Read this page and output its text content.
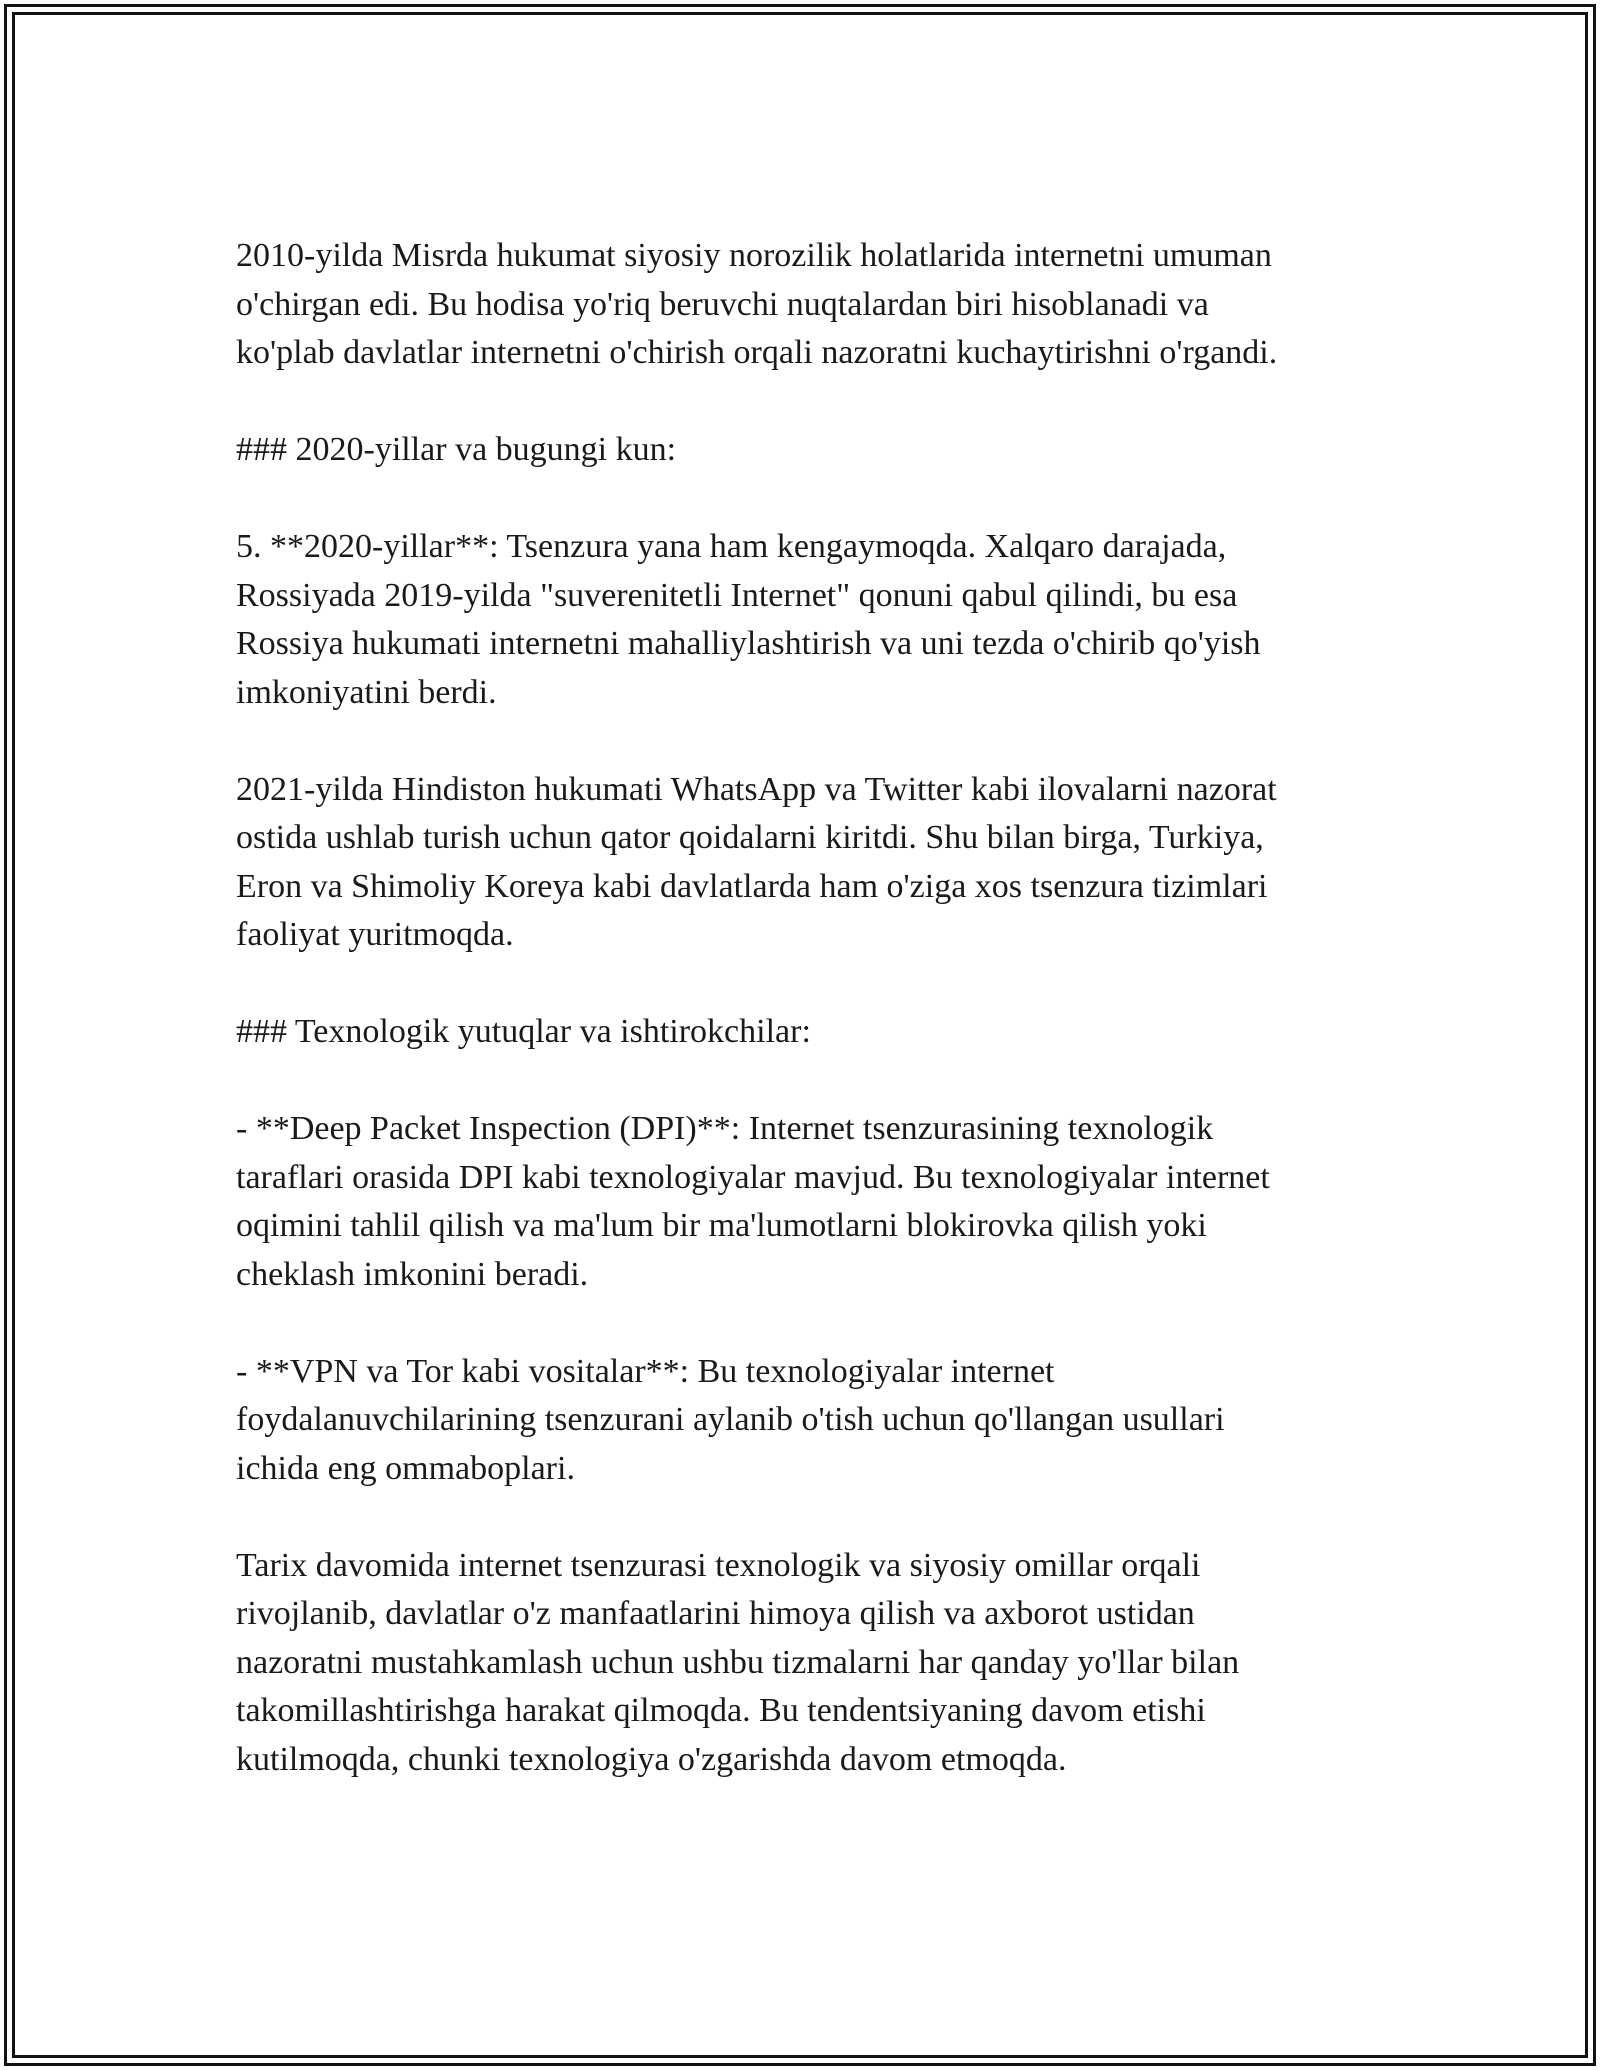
2010-yilda Misrda hukumat siyosiy norozilik holatlarida internetni umuman
o'chirgan edi. Bu hodisa yo'riq beruvchi nuqtalardan biri hisoblanadi va
ko'plab davlatlar internetni o'chirish orqali nazoratni kuchaytirishni o'rgandi.

### 2020-yillar va bugungi kun:

5. **2020-yillar**: Tsenzura yana ham kengaymoqda. Xalqaro darajada,
Rossiyada 2019-yilda "suverenitetli Internet" qonuni qabul qilindi, bu esa
Rossiya hukumati internetni mahalliylashtirish va uni tezda o'chirib qo'yish
imkoniyatini berdi.

2021-yilda Hindiston hukumati WhatsApp va Twitter kabi ilovalarni nazorat
ostida ushlab turish uchun qator qoidalarni kiritdi. Shu bilan birga, Turkiya,
Eron va Shimoliy Koreya kabi davlatlarda ham o'ziga xos tsenzura tizimlari
faoliyat yuritmoqda.

### Texnologik yutuqlar va ishtirokchilar:

- **Deep Packet Inspection (DPI)**: Internet tsenzurasining texnologik
taraflari orasida DPI kabi texnologiyalar mavjud. Bu texnologiyalar internet
oqimini tahlil qilish va ma'lum bir ma'lumotlarni blokirovka qilish yoki
cheklash imkonini beradi.

- **VPN va Tor kabi vositalar**: Bu texnologiyalar internet
foydalanuvchilarining tsenzurani aylanib o'tish uchun qo'llangan usullari
ichida eng ommaboplari.

Tarix davomida internet tsenzurasi texnologik va siyosiy omillar orqali
rivojlanib, davlatlar o'z manfaatlarini himoya qilish va axborot ustidan
nazoratni mustahkamlash uchun ushbu tizmalarni har qanday yo'llar bilan
takomillashtirishga harakat qilmoqda. Bu tendentsiyaning davom etishi
kutilmoqda, chunki texnologiya o'zgarishda davom etmoqda.
